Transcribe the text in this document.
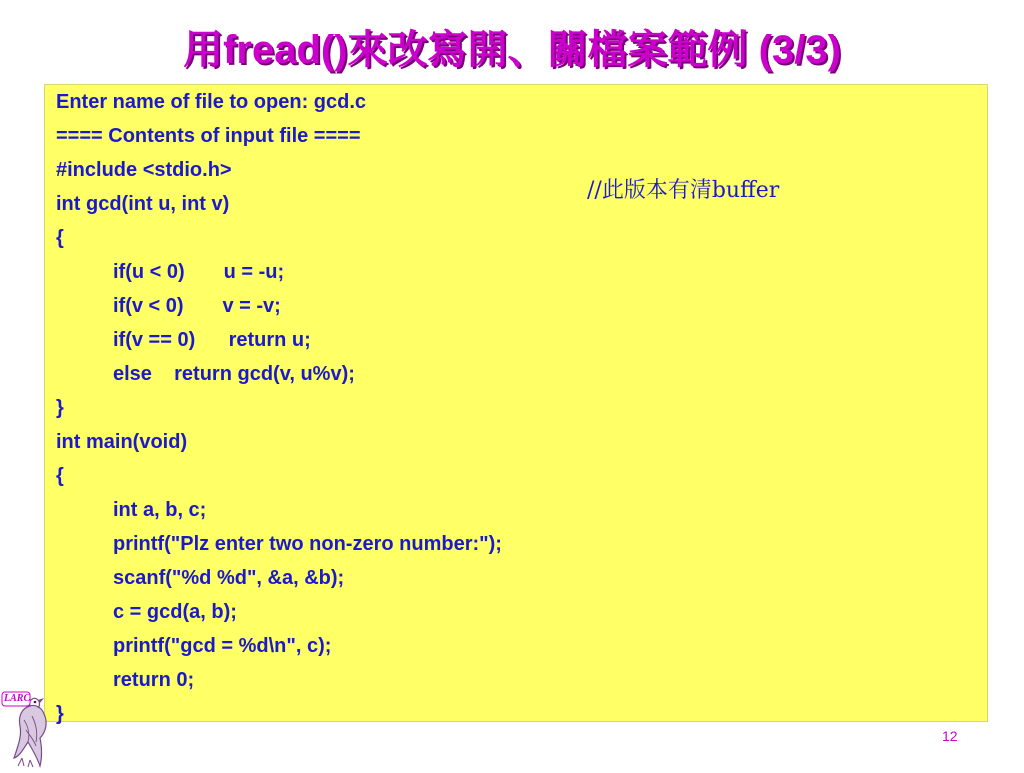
用fread()來改寫開、關檔案範例 (3/3)
Enter name of file to open: gcd.c
==== Contents of input file ====
#include <stdio.h>
int gcd(int u, int v)
{
if(u < 0)       u = -u;
if(v < 0)       v = -v;
if(v == 0)      return u;
else    return gcd(v, u%v);
}
int main(void)
{
int a, b, c;
printf("Plz enter two non-zero number:");
scanf("%d %d", &a, &b);
c = gcd(a, b);
printf("gcd = %d\n", c);
return 0;
}
//此版本有清buffer
LARC
12
